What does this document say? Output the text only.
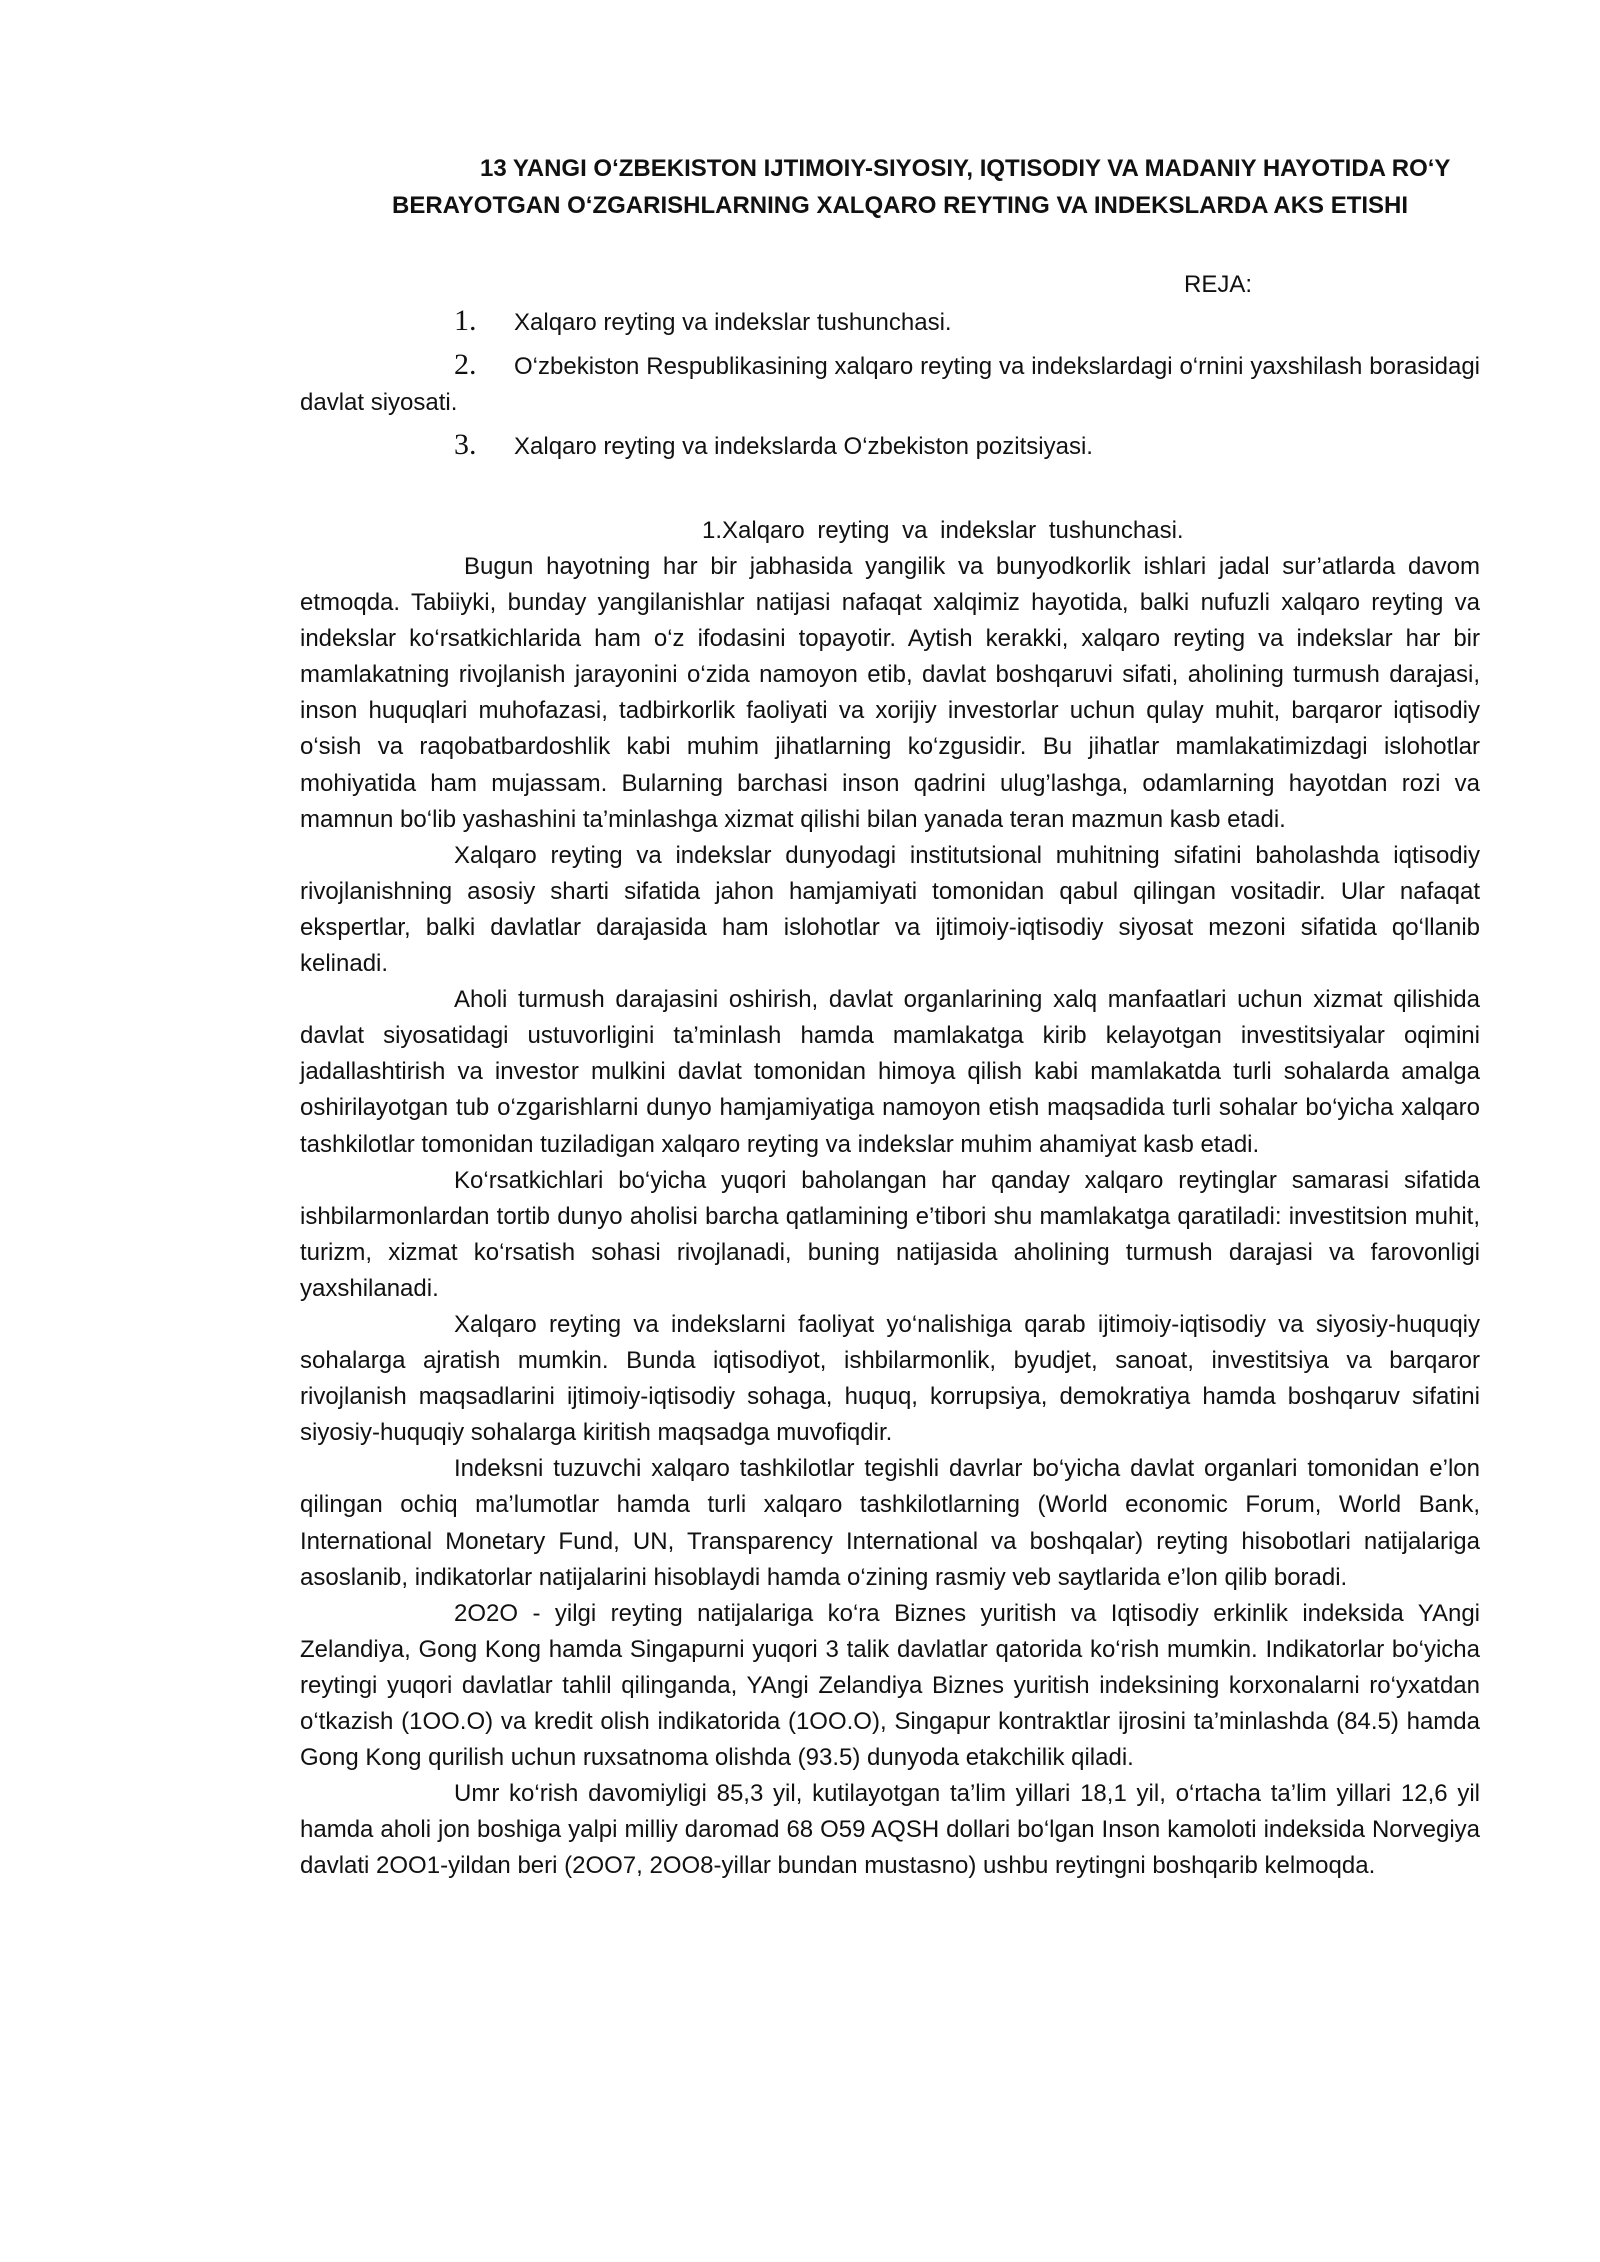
13 YANGI O‘ZBEKISTON IJTIMOIY-SIYOSIY, IQTISODIY VA MADANIY HAYOTIDA RO‘Y
BERAYOTGAN O‘ZGARISHLARNING XALQARO REYTING VA INDEKSLARDA AKS ETISHI
REJA:
1. Xalqaro reyting va indekslar tushunchasi.
2. O‘zbekiston Respublikasining xalqaro reyting va indekslardagi o‘rnini yaxshilash borasidagi davlat siyosati.
3. Xalqaro reyting va indekslarda O‘zbekiston pozitsiyasi.
1.Xalqaro reyting va indekslar tushunchasi.

Bugun hayotning har bir jabhasida yangilik va bunyodkorlik ishlari jadal sur’atlarda davom etmoqda. Tabiiyki, bunday yangilanishlar natijasi nafaqat xalqimiz hayotida, balki nufuzli xalqaro reyting va indekslar ko‘rsatkichlarida ham o‘z ifodasini topayotir. Aytish kerakki, xalqaro reyting va indekslar har bir mamlakatning rivojlanish jarayonini o‘zida namoyon etib, davlat boshqaruvi sifati, aholining turmush darajasi, inson huquqlari muhofazasi, tadbirkorlik faoliyati va xorijiy investorlar uchun qulay muhit, barqaror iqtisodiy o‘sish va raqobatbardoshlik kabi muhim jihatlarning ko‘zgusidir. Bu jihatlar mamlakatimizdagi islohotlar mohiyatida ham mujassam. Bularning barchasi inson qadrini ulug’lashga, odamlarning hayotdan rozi va mamnun bo‘lib yashashini ta’minlashga xizmat qilishi bilan yanada teran mazmun kasb etadi.

Xalqaro reyting va indekslar dunyodagi institutsional muhitning sifatini baholashda iqtisodiy rivojlanishning asosiy sharti sifatida jahon hamjamiyati tomonidan qabul qilingan vositadir. Ular nafaqat ekspertlar, balki davlatlar darajasida ham islohotlar va ijtimoiy-iqtisodiy siyosat mezoni sifatida qo‘llanib kelinadi.

Aholi turmush darajasini oshirish, davlat organlarining xalq manfaatlari uchun xizmat qilishida davlat siyosatidagi ustuvorligini ta’minlash hamda mamlakatga kirib kelayotgan investitsiyalar oqimini jadallashtirish va investor mulkini davlat tomonidan himoya qilish kabi mamlakatda turli sohalarda amalga oshirilayotgan tub o‘zgarishlarni dunyo hamjamiyatiga namoyon etish maqsadida turli sohalar bo‘yicha xalqaro tashkilotlar tomonidan tuziladigan xalqaro reyting va indekslar muhim ahamiyat kasb etadi.

Ko‘rsatkichlari bo‘yicha yuqori baholangan har qanday xalqaro reytinglar samarasi sifatida ishbilarmonlardan tortib dunyo aholisi barcha qatlamining e’tibori shu mamlakatga qaratiladi: investitsion muhit, turizm, xizmat ko‘rsatish sohasi rivojlanadi, buning natijasida aholining turmush darajasi va farovonligi yaxshilanadi.

Xalqaro reyting va indekslarni faoliyat yo‘nalishiga qarab ijtimoiy-iqtisodiy va siyosiy-huquqiy sohalarga ajratish mumkin. Bunda iqtisodiyot, ishbilarmonlik, byudjet, sanoat, investitsiya va barqaror rivojlanish maqsadlarini ijtimoiy-iqtisodiy sohaga, huquq, korrupsiya, demokratiya hamda boshqaruv sifatini siyosiy-huquqiy sohalarga kiritish maqsadga muvofiqdir.

Indeksni tuzuvchi xalqaro tashkilotlar tegishli davrlar bo‘yicha davlat organlari tomonidan e’lon qilingan ochiq ma’lumotlar hamda turli xalqaro tashkilotlarning (World economic Forum, World Bank, International Monetary Fund, UN, Transparency International va boshqalar) reyting hisobotlari natijalariga asoslanib, indikatorlar natijalarini hisoblaydi hamda o‘zining rasmiy veb saytlarida e’lon qilib boradi.

2O2O - yilgi reyting natijalariga ko‘ra Biznes yuritish va Iqtisodiy erkinlik indeksida YAngi Zelandiya, Gong Kong hamda Singapurni yuqori 3 talik davlatlar qatorida ko‘rish mumkin. Indikatorlar bo‘yicha reytingi yuqori davlatlar tahlil qilinganda, YAngi Zelandiya Biznes yuritish indeksining korxonalarni ro‘yxatdan o‘tkazish (1OO.O) va kredit olish indikatorida (1OO.O), Singapur kontraktlar ijrosini ta’minlashda (84.5) hamda Gong Kong qurilish uchun ruxsatnoma olishda (93.5) dunyoda etakchilik qiladi.

Umr ko‘rish davomiyligi 85,3 yil, kutilayotgan ta’lim yillari 18,1 yil, o‘rtacha ta’lim yillari 12,6 yil hamda aholi jon boshiga yalpi milliy daromad 68 O59 AQSH dollari bo‘lgan Inson kamoloti indeksida Norvegiya davlati 2OO1-yildan beri (2OO7, 2OO8-yillar bundan mustasno) ushbu reytingni boshqarib kelmoqda.
